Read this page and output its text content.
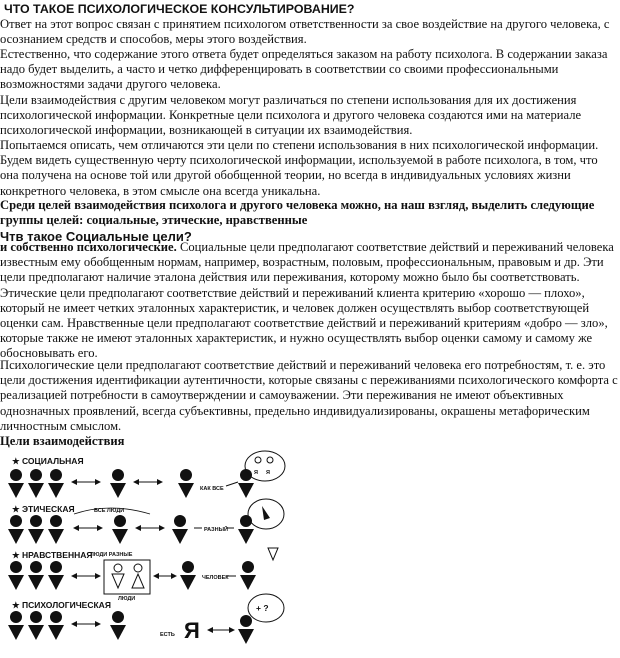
ЧТО ТАКОЕ ПСИХОЛОГИЧЕСКОЕ КОНСУЛЬТИРОВАНИЕ?

Ответ на этот вопрос связан с принятием психологом ответственности за свое воздействие на другого человека, с осознанием средств и способов, меры этого воздействия.

Естественно, что содержание этого ответа будет определяться заказом на работу психолога. В содержании заказа надо будет выделить, а часто и четко дифференцировать в соответствии со своими профессиональными возможностями задачи другого человека.

Цели взаимодействия с другим человеком могут различаться по степени использования для их достижения психологической информации. Конкретные цели психолога и другого человека создаются ими на материале психологической информации, возникающей в ситуации их взаимодействия.

Попытаемся описать, чем отличаются эти цели по степени использования в них психологической информации. Будем видеть существенную черту психологической информации, используемой в работе психолога, в том, что она получена на основе той или другой обобщенной теории, но всегда в индивидуальных условиях жизни конкретного человека, в этом смысле она всегда уникальна.

Среди целей взаимодействия психолога и другого человека можно, на наш взгляд, выделить следующие группы целей: социальные, этические, нравственные

Чтв такое Социальные цели?

и собственно психологические. Социальные цели предполагают соответствие действий и переживаний человека известным ему обобщенным нормам, например, возрастным, половым, профессиональным, правовым и др. Эти цели предполагают наличие эталона действия или переживания, которому можно было бы соответствовать. Этические цели предполагают соответствие действий и переживаний клиента критерию «хорошо — плохо», который не имеет четких эталонных характеристик, и человек должен осуществлять выбор соответствующей оценки сам. Нравственные цели предполагают соответствие действий и переживаний критериям «добро — зло», которые также не имеют эталонных характеристик, и нужно осуществлять выбор оценки самому и самому же обосновывать его.

Психологические цели предполагают соответствие действий и переживаний человека его потребностям, т. е. это цели достижения идентификации аутентичности, которые связаны с переживаниями психологического комфорта с реализацией потребности в самоутверждении и самоуважении. Эти переживания не имеют объективных однозначных проявлений, всегда субъективны, предельно индивидуализированы, окрашены метафорическим личностным смыслом.

Цели взаимодействия

★ СОЦИАЛЬНАЯ
КАК ВСЕ
Я Я
★ ЭТИЧЕСКАЯ	ВСЕ ЛЮДИ
РАЗНЫЙ
★ НРАВСТВЕННАЯ
ЛЮДИ РАЗНЫЕ
ЛЮДИ
ЧЕЛОВЕК
★ ПСИХОЛОГИЧЕСКАЯ
ЕСТЬ Я
+ ?
